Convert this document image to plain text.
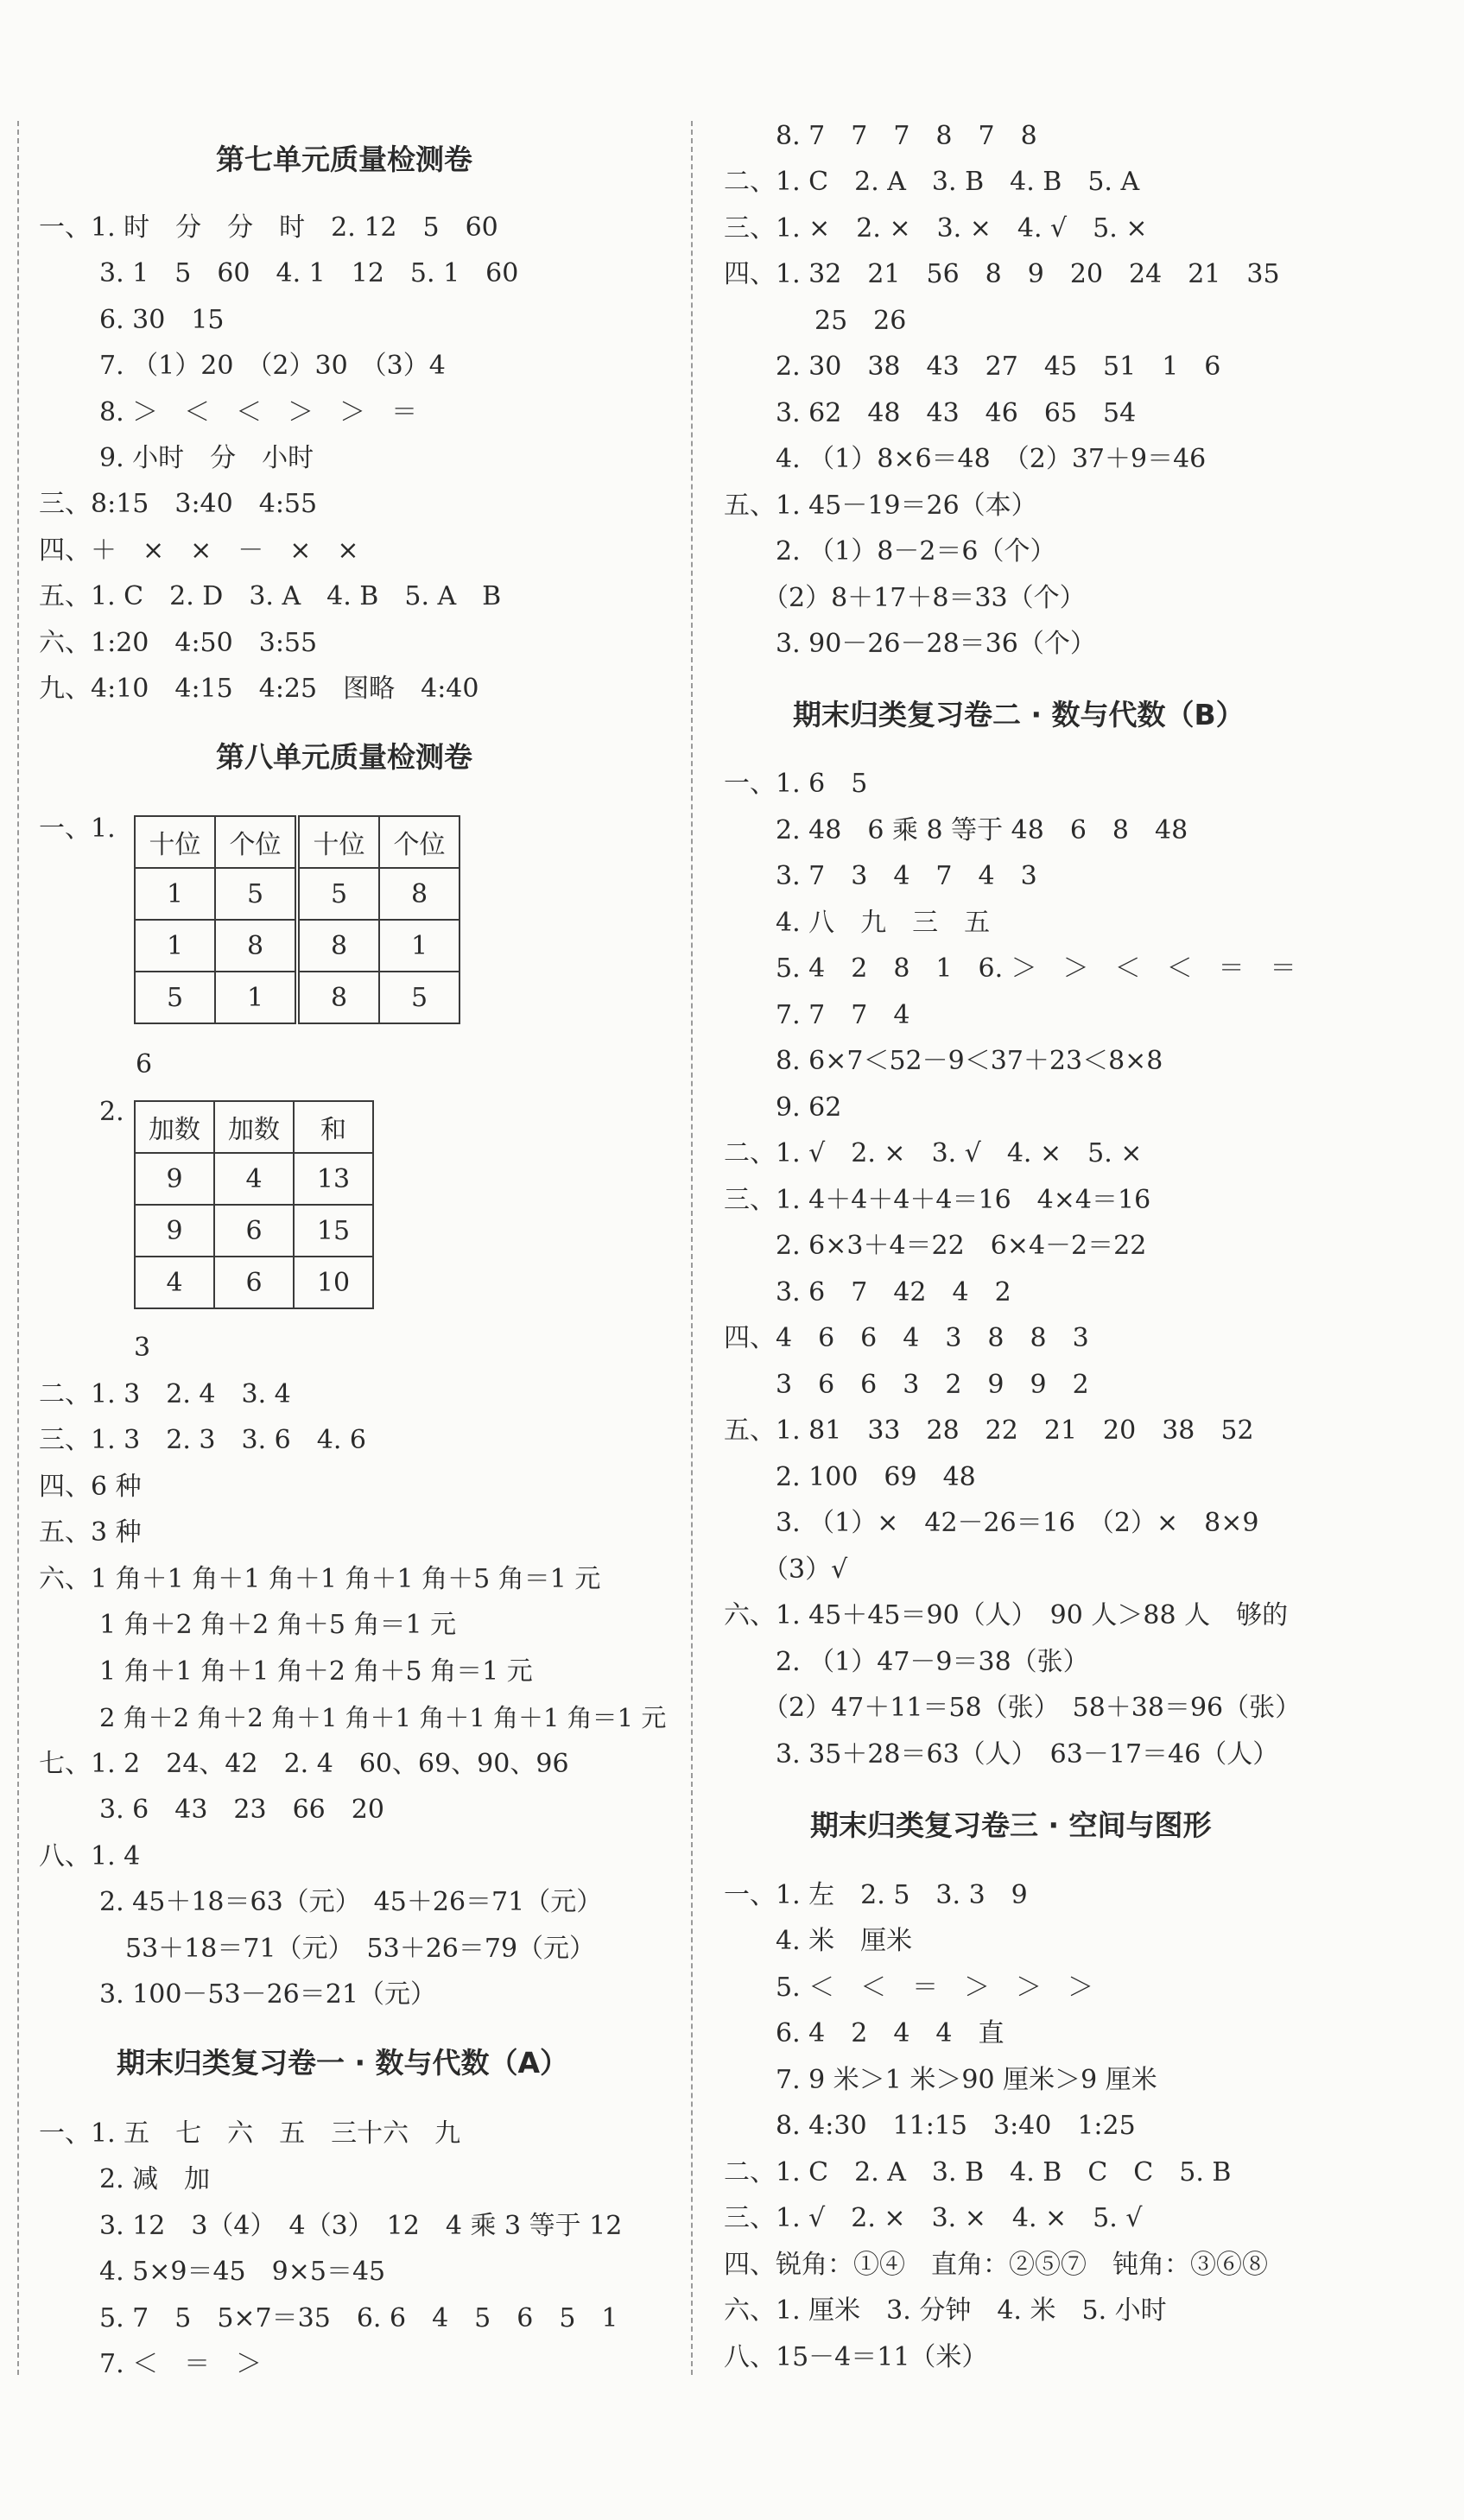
第七单元质量检测卷
一、1. 时　分　分　时　2. 12　5　60
3. 1　5　60　4. 1　12　5. 1　60
6. 30　15
7. （1）20　（2）30　（3）4
8. ＞　＜　＜　＞　＞　＝
9. 小时　分　小时
三、8:15　3:40　4:55
四、＋　×　×　－　×　×
五、1. C　2. D　3. A　4. B　5. A　B
六、1:20　4:50　3:55
九、4:10　4:15　4:25　图略　4:40
第八单元质量检测卷
一、1.
十位	个位	十位	个位
1	5	5	8
1	8	8	1
5	1	8	5
6
2.
加数	加数	和
9	4	13
9	6	15
4	6	10
3
二、1. 3　2. 4　3. 4
三、1. 3　2. 3　3. 6　4. 6
四、6 种
五、3 种
六、1 角＋1 角＋1 角＋1 角＋1 角＋5 角＝1 元
1 角＋2 角＋2 角＋5 角＝1 元
1 角＋1 角＋1 角＋2 角＋5 角＝1 元
2 角＋2 角＋2 角＋1 角＋1 角＋1 角＋1 角＝1 元
七、1. 2　24、42　2. 4　60、69、90、96
3. 6　43　23　66　20
八、1. 4
2. 45＋18＝63（元）　45＋26＝71（元）
53＋18＝71（元）　53＋26＝79（元）
3. 100－53－26＝21（元）
期末归类复习卷一 · 数与代数（A）
一、1. 五　七　六　五　三十六　九
2. 减　加
3. 12　3（4）　4（3）　12　4 乘 3 等于 12
4. 5×9＝45　9×5＝45
5. 7　5　5×7＝35　6. 6　4　5　6　5　1
7. ＜　＝　＞
8. 7　7　7　8　7　8
二、1. C　2. A　3. B　4. B　5. A
三、1. ×　2. ×　3. ×　4. √　5. ×
四、1. 32　21　56　8　9　20　24　21　35
25　26
2. 30　38　43　27　45　51　1　6
3. 62　48　43　46　65　54
4. （1）8×6＝48　（2）37＋9＝46
五、1. 45－19＝26（本）
2. （1）8－2＝6（个）
（2）8＋17＋8＝33（个）
3. 90－26－28＝36（个）
期末归类复习卷二 · 数与代数（B）
一、1. 6　5
2. 48　6 乘 8 等于 48　6　8　48
3. 7　3　4　7　4　3
4. 八　九　三　五
5. 4　2　8　1　6. ＞　＞　＜　＜　＝　＝
7. 7　7　4
8. 6×7＜52－9＜37＋23＜8×8
9. 62
二、1. √　2. ×　3. √　4. ×　5. ×
三、1. 4＋4＋4＋4＝16　4×4＝16
2. 6×3＋4＝22　6×4－2＝22
3. 6　7　42　4　2
四、4　6　6　4　3　8　8　3
3　6　6　3　2　9　9　2
五、1. 81　33　28　22　21　20　38　52
2. 100　69　48
3. （1）×　42－26＝16　（2）×　8×9
（3）√
六、1. 45＋45＝90（人）　90 人＞88 人　够的
2. （1）47－9＝38（张）
（2）47＋11＝58（张）　58＋38＝96（张）
3. 35＋28＝63（人）　63－17＝46（人）
期末归类复习卷三 · 空间与图形
一、1. 左　2. 5　3. 3　9
4. 米　厘米
5. ＜　＜　＝　＞　＞　＞
6. 4　2　4　4　直
7. 9 米＞1 米＞90 厘米＞9 厘米
8. 4:30　11:15　3:40　1:25
二、1. C　2. A　3. B　4. B　C　C　5. B
三、1. √　2. ×　3. ×　4. ×　5. √
四、锐角：①④　直角：②⑤⑦　钝角：③⑥⑧
六、1. 厘米　3. 分钟　4. 米　5. 小时
八、15－4＝11（米）
